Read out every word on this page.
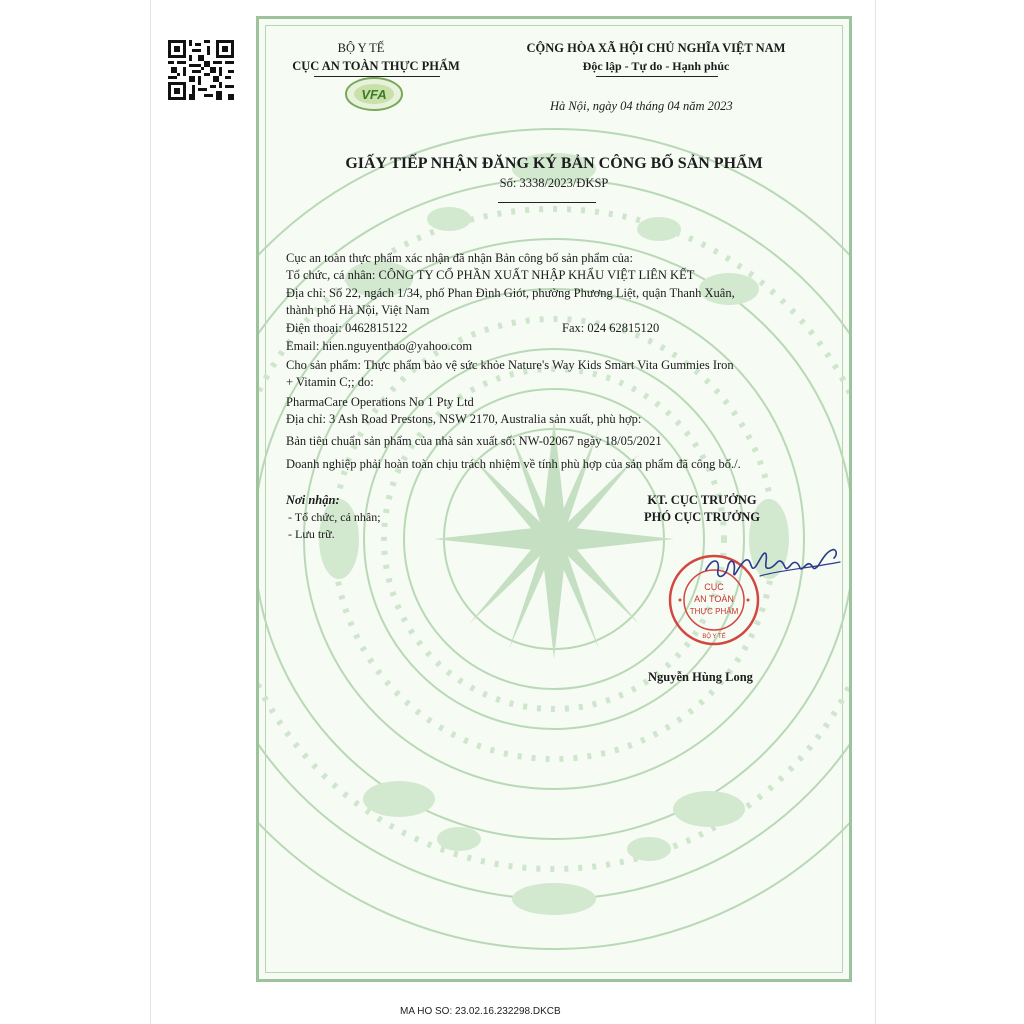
VFA
BỘ Y TẾ
CỤC AN TOÀN THỰC PHẨM
CỘNG HÒA XÃ HỘI CHỦ NGHĨA VIỆT NAM
Độc lập - Tự do - Hạnh phúc
Hà Nội, ngày 04 tháng 04 năm 2023
GIẤY TIẾP NHẬN ĐĂNG KÝ BẢN CÔNG BỐ SẢN PHẨM
Số: 3338/2023/ĐKSP
Cục an toàn thực phẩm xác nhận đã nhận Bản công bố sản phẩm của:
Tổ chức, cá nhân: CÔNG TY CỔ PHẦN XUẤT NHẬP KHẨU VIỆT LIÊN KẾT
Địa chỉ: Số 22, ngách 1/34, phố Phan Đình Giót, phường Phương Liệt, quận Thanh Xuân,
thành phố Hà Nội, Việt Nam
Điện thoại: 0462815122	Fax: 024 62815120
Email: hien.nguyenthao@yahoo.com
Cho sản phẩm: Thực phẩm bảo vệ sức khỏe Nature's Way Kids Smart Vita Gummies Iron
+ Vitamin C;; do:
PharmaCare Operations No 1 Pty Ltd
Địa chỉ: 3 Ash Road Prestons, NSW 2170, Australia sản xuất, phù hợp:
Bản tiêu chuẩn sản phẩm của nhà sản xuất số: NW-02067 ngày 18/05/2021
Doanh nghiệp phải hoàn toàn chịu trách nhiệm về tính phù hợp của sản phẩm đã công bố./.
Nơi nhận:
- Tổ chức, cá nhân;
- Lưu trữ.
KT. CỤC TRƯỞNG
PHÓ CỤC TRƯỞNG
Nguyễn Hùng Long
CỤC
AN TOÀN
THỰC PHẨM
BỘ Y TẾ
MA HO SO: 23.02.16.232298.DKCB
